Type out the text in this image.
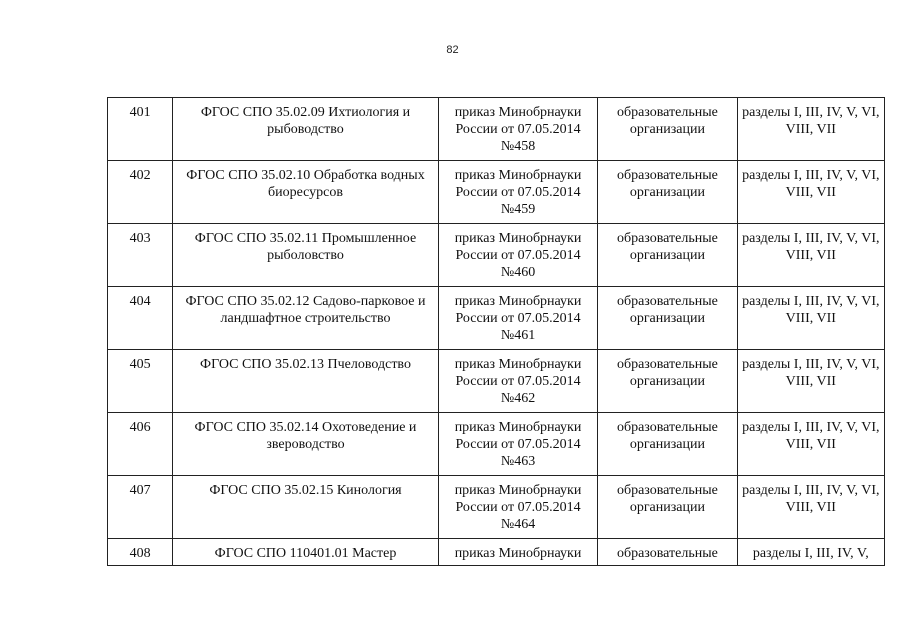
82
401	ФГОС СПО 35.02.09 Ихтиология и рыбоводство	приказ Минобрнауки России от 07.05.2014 №458	образовательные организации	разделы I, III, IV, V, VI, VIII, VII
402	ФГОС СПО 35.02.10 Обработка водных биоресурсов	приказ Минобрнауки России от 07.05.2014 №459	образовательные организации	разделы I, III, IV, V, VI, VIII, VII
403	ФГОС СПО 35.02.11 Промышленное рыболовство	приказ Минобрнауки России от 07.05.2014 №460	образовательные организации	разделы I, III, IV, V, VI, VIII, VII
404	ФГОС СПО 35.02.12 Садово-парковое и ландшафтное строительство	приказ Минобрнауки России от 07.05.2014 №461	образовательные организации	разделы I, III, IV, V, VI, VIII, VII
405	ФГОС СПО 35.02.13 Пчеловодство	приказ Минобрнауки России от 07.05.2014 №462	образовательные организации	разделы I, III, IV, V, VI, VIII, VII
406	ФГОС СПО 35.02.14 Охотоведение и звероводство	приказ Минобрнауки России от 07.05.2014 №463	образовательные организации	разделы I, III, IV, V, VI, VIII, VII
407	ФГОС СПО 35.02.15 Кинология	приказ Минобрнауки России от 07.05.2014 №464	образовательные организации	разделы I, III, IV, V, VI, VIII, VII
408	ФГОС СПО 110401.01 Мастер	приказ Минобрнауки	образовательные	разделы I, III, IV, V,
